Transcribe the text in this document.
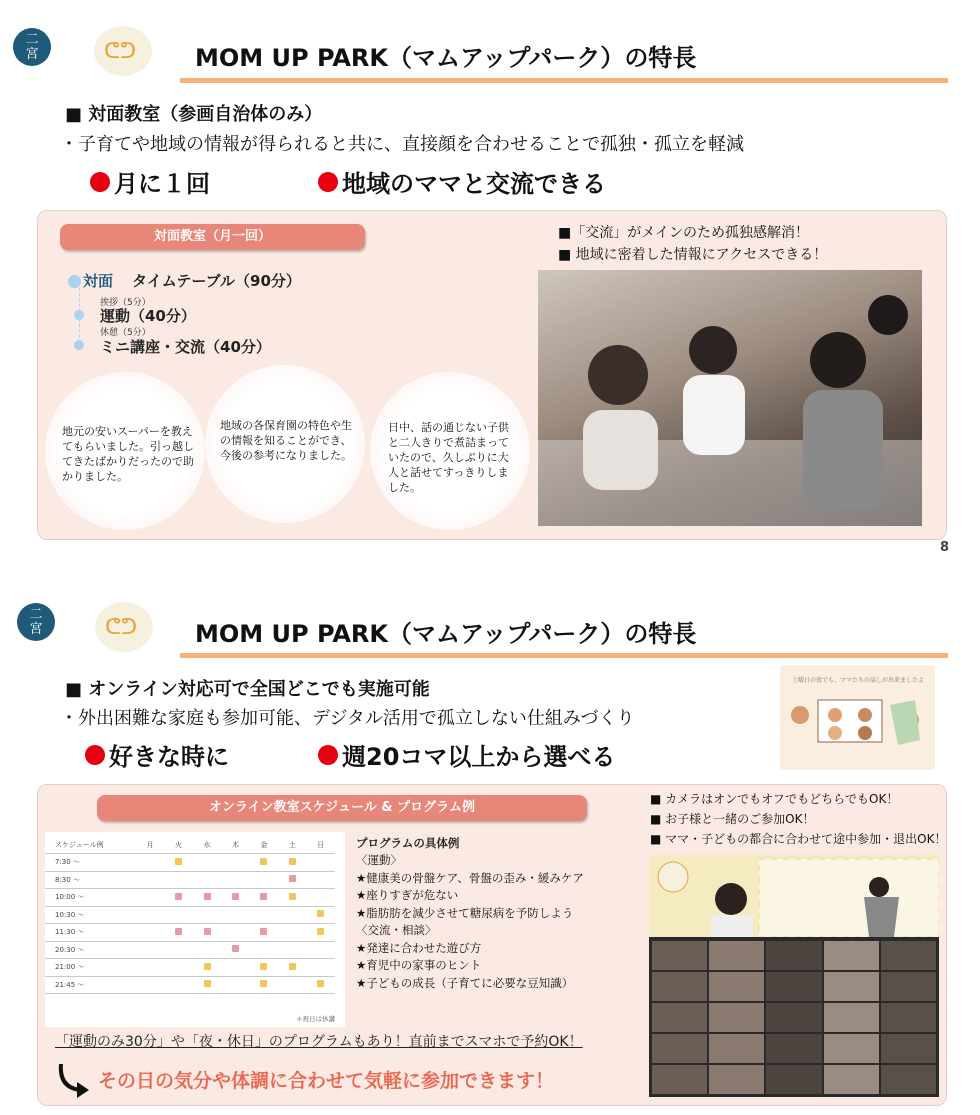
二
宮	ᕦᕤ MOM UP PARK（マムアップパーク）の特長
■ 対面教室（参画自治体のみ）
・子育てや地域の情報が得られると共に、直接顔を合わせることで孤独・孤立を軽減
月に１回	地域のママと交流できる
対面教室（月一回）
対面 タイムテーブル（90分）
挨拶（5分）
運動（40分）
休憩（5分）
ミニ講座・交流（40分）
地元の安いスーパーを教えてもらいました。引っ越してきたばかりだったので助かりました。
地域の各保育園の特色や生の情報を知ることができ、今後の参考になりました。
日中、話の通じない子供と二人きりで煮詰まっていたので、久しぶりに大人と話せてすっきりしました。
■「交流」がメインのため孤独感解消！
■ 地域に密着した情報にアクセスできる！
8
二
宮	ᕦᕤ MOM UP PARK（マムアップパーク）の特長
■ オンライン対応可で全国どこでも実施可能
・外出困難な家庭も参加可能、デジタル活用で孤立しない仕組みづくり
好きな時に	週20コマ以上から選べる
土曜日の夜でも、ママたちの話しが出来ましたよ
オンライン教室スケジュール & プログラム例
スケジュール例	月	火	水	木	金	土	日
7:30 〜							
8:30 〜							
10:00 〜							
10:30 〜							
11:30 〜							
20:30 〜							
21:00 〜							
21:45 〜							
＊祝日は休講
プログラムの具体例
〈運動〉
★健康美の骨盤ケア、骨盤の歪み・緩みケア
★座りすぎが危ない
★脂肪肪を減少させて糖尿病を予防しよう
〈交流・相談〉
★発達に合わせた遊び方
★育児中の家事のヒント
★子どもの成長（子育てに必要な豆知識）
■ カメラはオンでもオフでもどちらでもOK！
■ お子様と一緒のご参加OK！
■ ママ・子どもの都合に合わせて途中参加・退出OK！
「運動のみ30分」や「夜・休日」のプログラムもあり！直前までスマホで予約OK！
その日の気分や体調に合わせて気軽に参加できます！
